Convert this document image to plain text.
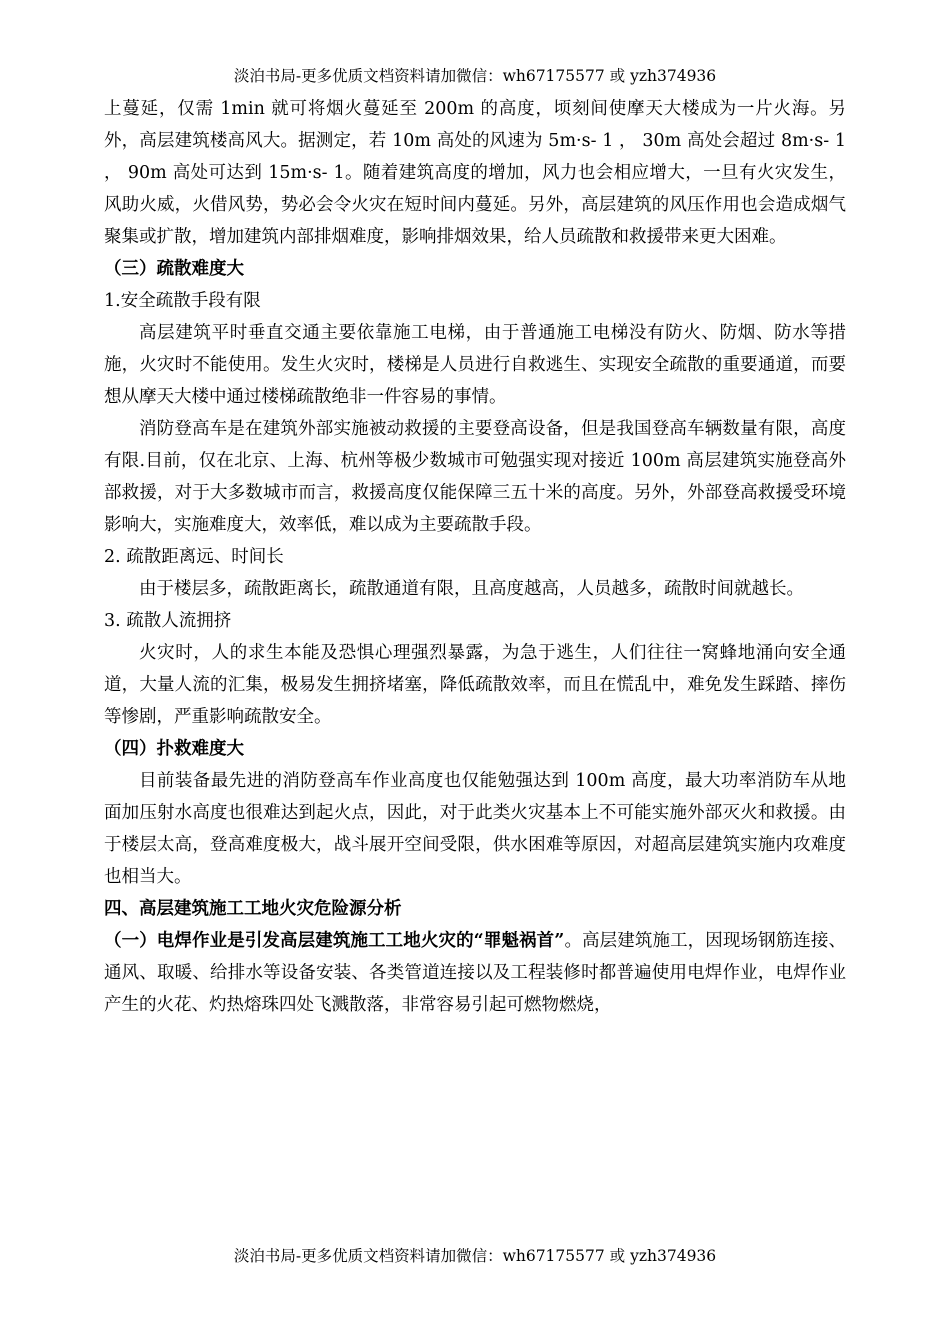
淡泊书局-更多优质文档资料请加微信：wh67175577 或 yzh374936

上蔓延，仅需 1min 就可将烟火蔓延至 200m 的高度，顷刻间使摩天大楼成为一片火海。另外，高层建筑楼高风大。据测定，若 10m 高处的风速为 5m·s- 1 ， 30m 高处会超过 8m·s- 1 ， 90m 高处可达到 15m·s- 1。随着建筑高度的增加，风力也会相应增大，一旦有火灾发生，风助火威，火借风势，势必会令火灾在短时间内蔓延。另外，高层建筑的风压作用也会造成烟气聚集或扩散，增加建筑内部排烟难度，影响排烟效果，给人员疏散和救援带来更大困难。

（三）疏散难度大

1.安全疏散手段有限

高层建筑平时垂直交通主要依靠施工电梯，由于普通施工电梯没有防火、防烟、防水等措施，火灾时不能使用。发生火灾时，楼梯是人员进行自救逃生、实现安全疏散的重要通道，而要想从摩天大楼中通过楼梯疏散绝非一件容易的事情。

消防登高车是在建筑外部实施被动救援的主要登高设备，但是我国登高车辆数量有限，高度有限.目前，仅在北京、上海、杭州等极少数城市可勉强实现对接近 100m 高层建筑实施登高外部救援，对于大多数城市而言，救援高度仅能保障三五十米的高度。另外，外部登高救援受环境影响大，实施难度大，效率低，难以成为主要疏散手段。

2. 疏散距离远、时间长

由于楼层多，疏散距离长，疏散通道有限，且高度越高，人员越多，疏散时间就越长。

3. 疏散人流拥挤

火灾时，人的求生本能及恐惧心理强烈暴露，为急于逃生，人们往往一窝蜂地涌向安全通道，大量人流的汇集，极易发生拥挤堵塞，降低疏散效率，而且在慌乱中，难免发生踩踏、摔伤等惨剧，严重影响疏散安全。

（四）扑救难度大

目前装备最先进的消防登高车作业高度也仅能勉强达到 100m 高度，最大功率消防车从地面加压射水高度也很难达到起火点，因此，对于此类火灾基本上不可能实施外部灭火和救援。由于楼层太高，登高难度极大，战斗展开空间受限，供水困难等原因，对超高层建筑实施内攻难度也相当大。

四、高层建筑施工工地火灾危险源分析

（一）电焊作业是引发高层建筑施工工地火灾的“罪魁祸首”。高层建筑施工，因现场钢筋连接、通风、取暖、给排水等设备安装、各类管道连接以及工程装修时都普遍使用电焊作业，电焊作业产生的火花、灼热熔珠四处飞溅散落，非常容易引起可燃物燃烧，

淡泊书局-更多优质文档资料请加微信：wh67175577 或 yzh374936
